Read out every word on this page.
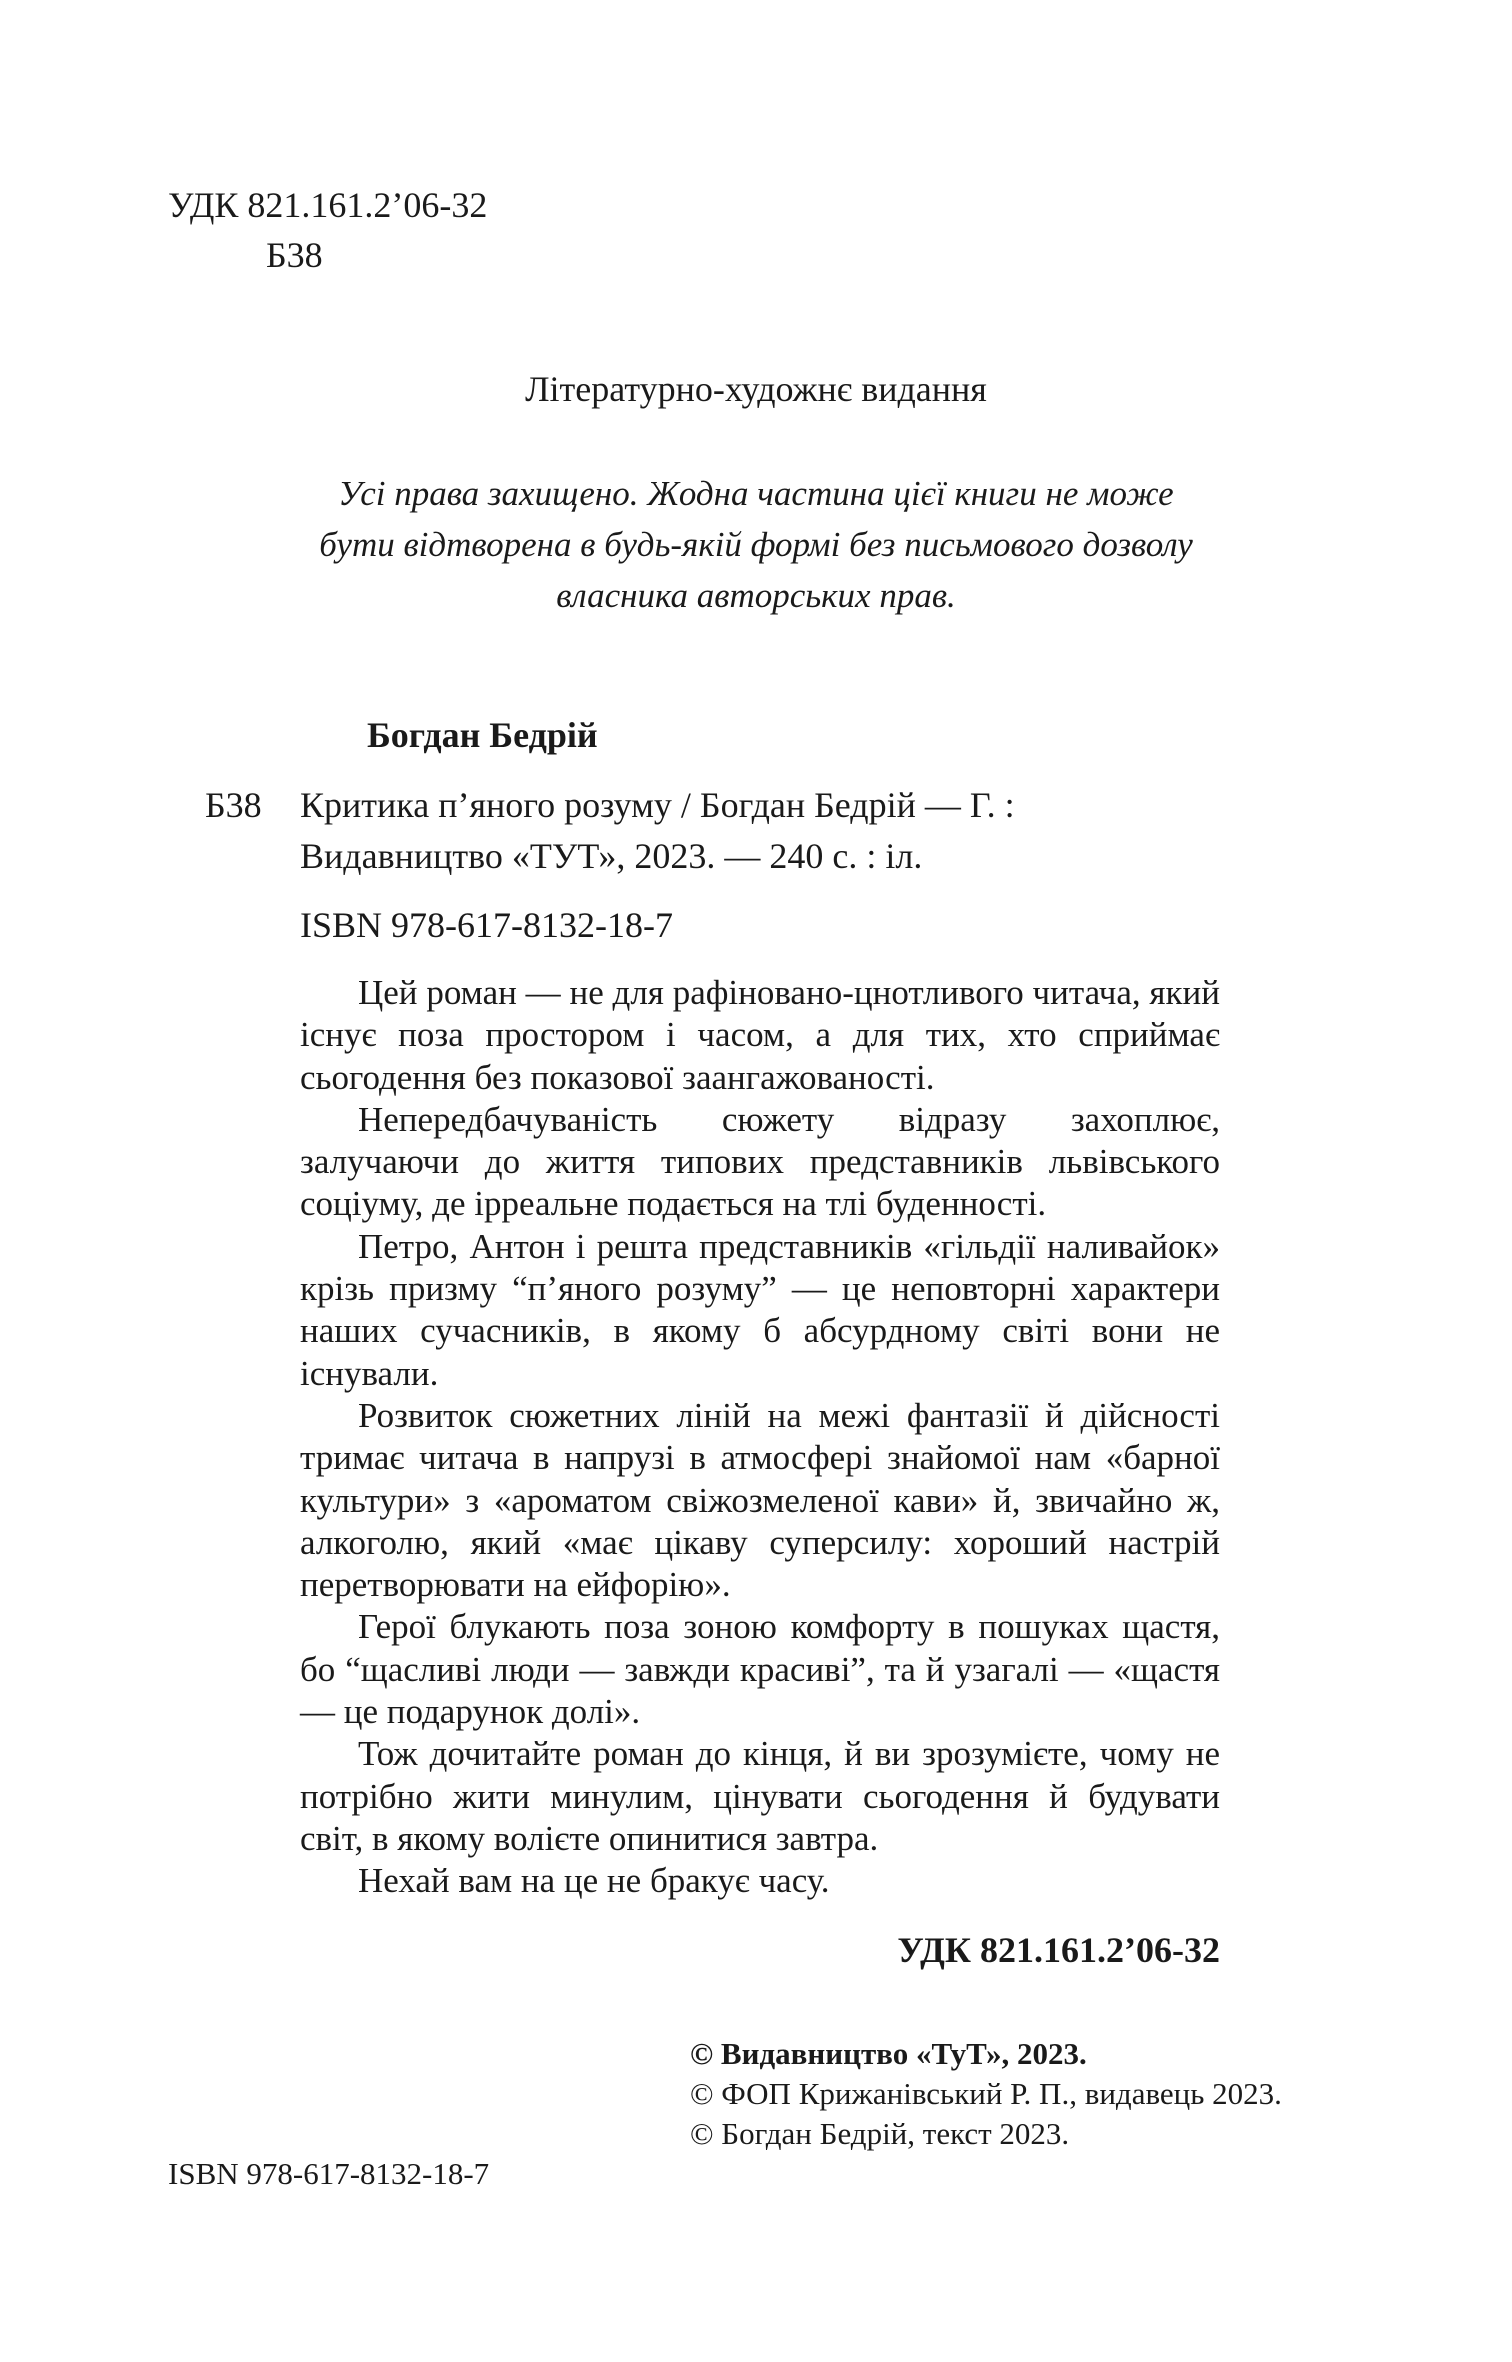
УДК 821.161.2’06-32
Б38
Літературно-художнє видання
Усі права захищено. Жодна частина цієї книги не може
бути відтворена в будь-якій формі без письмового дозволу
власника авторських прав.
Богдан Бедрій
Б38 Критика п’яного розуму / Богдан Бедрій — Г. :
Видавництво «ТУТ», 2023. — 240 с. : іл.
ISBN 978-617-8132-18-7

Цей роман — не для рафіновано-цнотливого читача, який існує поза простором і часом, а для тих, хто сприймає сьогодення без показової заангажованості.

Непередбачуваність сюжету відразу захоплює, залучаючи до життя типових представників львівського соціуму, де ірреальне подається на тлі буденності.

Петро, Антон і решта представників «гільдії наливайок» крізь призму “п’яного розуму” — це неповторні характери наших сучасників, в якому б абсурдному світі вони не існували.

Розвиток сюжетних ліній на межі фантазії й дійсності тримає читача в напрузі в атмосфері знайомої нам «барної культури» з «ароматом свіжозмеленої кави» й, звичайно ж, алкоголю, який «має цікаву суперсилу: хороший настрій перетворювати на ейфорію».

Герої блукають поза зоною комфорту в пошуках щастя, бо “щасливі люди — завжди красиві”, та й узагалі — «щастя — це подарунок долі».

Тож дочитайте роман до кінця, й ви зрозумієте, чому не потрібно жити минулим, цінувати сьогодення й будувати світ, в якому волієте опинитися завтра.

Нехай вам на це не бракує часу.

УДК 821.161.2’06-32
© Видавництво «ТуТ», 2023.
© ФОП Крижанівський Р. П., видавець 2023.
© Богдан Бедрій, текст 2023.
ISBN 978-617-8132-18-7
